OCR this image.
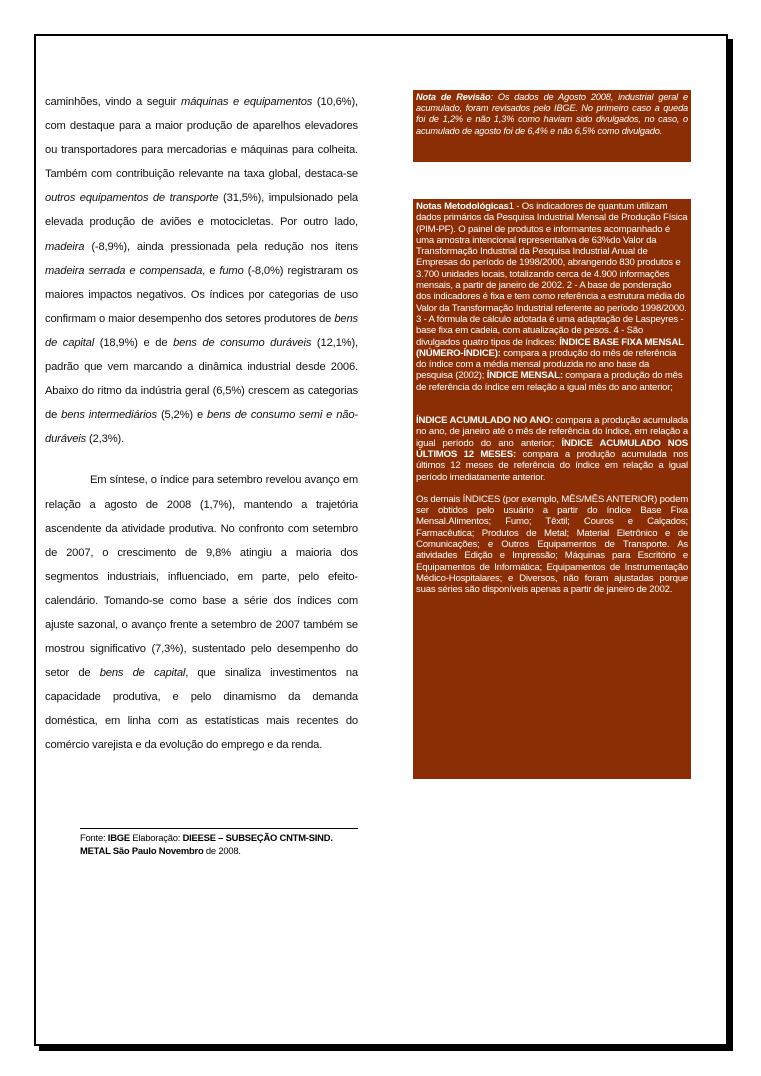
caminhões, vindo a seguir máquinas e equipamentos (10,6%), com destaque para a maior produção de aparelhos elevadores ou transportadores para mercadorias e máquinas para colheita. Também com contribuição relevante na taxa global, destaca-se outros equipamentos de transporte (31,5%), impulsionado pela elevada produção de aviões e motocicletas. Por outro lado, madeira (-8,9%), ainda pressionada pela redução nos itens madeira serrada e compensada, e fumo (-8,0%) registraram os maiores impactos negativos. Os índices por categorias de uso confirmam o maior desempenho dos setores produtores de bens de capital (18,9%) e de bens de consumo duráveis (12,1%), padrão que vem marcando a dinâmica industrial desde 2006. Abaixo do ritmo da indústria geral (6,5%) crescem as categorias de bens intermediários (5,2%) e bens de consumo semi e não-duráveis (2,3%).

Em síntese, o índice para setembro revelou avanço em relação a agosto de 2008 (1,7%), mantendo a trajetória ascendente da atividade produtiva. No confronto com setembro de 2007, o crescimento de 9,8% atingiu a maioria dos segmentos industriais, influenciado, em parte, pelo efeito-calendário. Tomando-se como base a série dos índices com ajuste sazonal, o avanço frente a setembro de 2007 também se mostrou significativo (7,3%), sustentado pelo desempenho do setor de bens de capital, que sinaliza investimentos na capacidade produtiva, e pelo dinamismo da demanda doméstica, em linha com as estatísticas mais recentes do comércio varejista e da evolução do emprego e da renda.

Fonte: IBGE Elaboração: DIEESE – SUBSEÇÃO CNTM-SIND. METAL São Paulo Novembro de 2008.
Nota de Revisão: Os dados de Agosto 2008, industrial geral e acumulado, foram revisados pelo IBGE. No primeiro caso a queda foi de 1,2% e não 1,3% como haviam sido divulgados, no caso, o acumulado de agosto foi de 6,4% e não 6,5% como divulgado.

Notas Metodológicas1 - Os indicadores de quantum utilizam dados primários da Pesquisa Industrial Mensal de Produção Física (PIM-PF). O painel de produtos e informantes acompanhado é uma amostra intencional representativa de 63%do Valor da Transformação Industrial da Pesquisa Industrial Anual de Empresas do período de 1998/2000, abrangendo 830 produtos e 3.700 unidades locais, totalizando cerca de 4.900 informações mensais, a partir de janeiro de 2002. 2 - A base de ponderação dos indicadores é fixa e tem como referência a estrutura média do Valor da Transformação Industrial referente ao período 1998/2000. 3 - A fórmula de cálculo adotada é uma adaptação de Laspeyres - base fixa em cadeia, com atualização de pesos. 4 - São divulgados quatro tipos de índices: ÍNDICE BASE FIXA MENSAL (NÚMERO-ÍNDICE): compara a produção do mês de referência do índice com a média mensal produzida no ano base da pesquisa (2002); ÍNDICE MENSAL: compara a produção do mês de referência do índice em relação a igual mês do ano anterior;

ÍNDICE ACUMULADO NO ANO: compara a produção acumulada no ano, de janeiro até o mês de referência do índice, em relação a igual período do ano anterior; ÍNDICE ACUMULADO NOS ÚLTIMOS 12 MESES: compara a produção acumulada nos últimos 12 meses de referência do índice em relação a igual período imediatamente anterior.

Os demais ÍNDICES (por exemplo, MÊS/MÊS ANTERIOR) podem ser obtidos pelo usuário a partir do índice Base Fixa Mensal.Alimentos; Fumo; Têxtil; Couros e Calçados; Farmacêutica; Produtos de Metal; Material Eletrônico e de Comunicações; e Outros Equipamentos de Transporte. As atividades Edição e Impressão; Máquinas para Escritório e Equipamentos de Informática; Equipamentos de Instrumentação Médico-Hospitalares; e Diversos, não foram ajustadas porque suas séries são disponíveis apenas a partir de janeiro de 2002.
